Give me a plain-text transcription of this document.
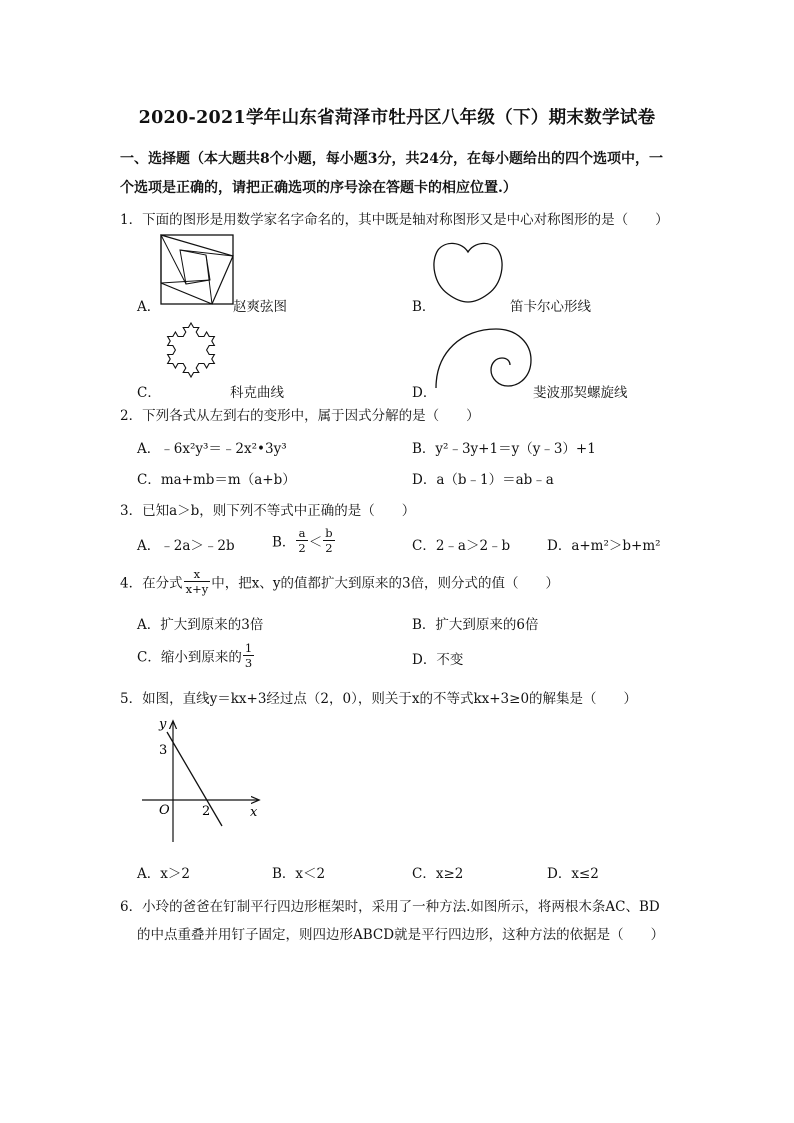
2020-2021学年山东省菏泽市牡丹区八年级（下）期末数学试卷
一、选择题（本大题共8个小题，每小题3分，共24分，在每小题给出的四个选项中，一
个选项是正确的，请把正确选项的序号涂在答题卡的相应位置.）
1．下面的图形是用数学家名字命名的，其中既是轴对称图形又是中心对称图形的是（　　）
A．	赵爽弦图	B．	笛卡尔心形线
C．	科克曲线	D．	斐波那契螺旋线
2．下列各式从左到右的变形中，属于因式分解的是（　　）
A．﹣6x²y³＝﹣2x²•3y³	B．y²﹣3y+1＝y（y﹣3）+1
C．ma+mb＝m（a+b）	D．a（b﹣1）＝ab﹣a
3．已知a＞b，则下列不等式中正确的是（　　）
A．﹣2a＞﹣2b	B． $\frac{a}{2} < \frac{b}{2}$	C．2﹣a＞2﹣b	D．a+m²＞b+m²
4．在分式 $\frac{x}{x+y}$ 中，把x、y的值都扩大到原来的3倍，则分式的值（　　）
A．扩大到原来的3倍	B．扩大到原来的6倍
C．缩小到原来的 $\frac{1}{3}$	D．不变
5．如图，直线y＝kx+3经过点（2，0），则关于x的不等式kx+3≥0的解集是（　　）
y
3
O 2	x
A．x＞2	B．x＜2	C．x≥2	D．x≤2
6．小玲的爸爸在钉制平行四边形框架时，采用了一种方法.如图所示，将两根木条AC、BD
的中点重叠并用钉子固定，则四边形ABCD就是平行四边形，这种方法的依据是（　　）
